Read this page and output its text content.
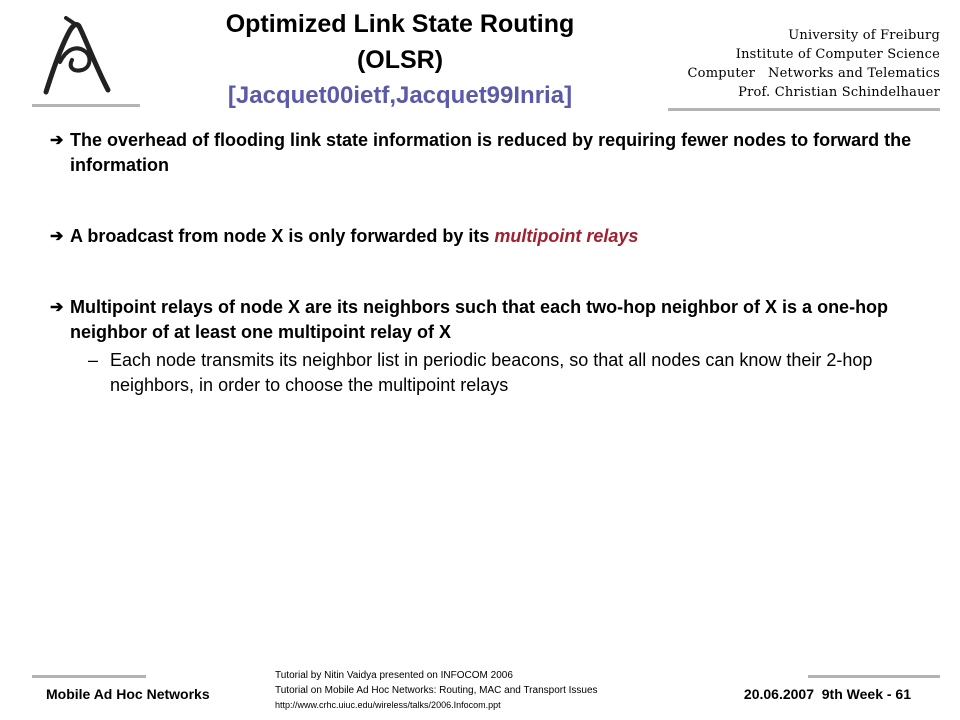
Optimized Link State Routing
(OLSR)
[Jacquet00ietf,Jacquet99Inria]
University of Freiburg
Institute of Computer Science
Computer   Networks and Telematics
Prof. Christian Schindelhauer
➔ The overhead of flooding link state information is reduced by requiring fewer nodes to forward the information
➔ A broadcast from node X is only forwarded by its multipoint relays
➔ Multipoint relays of node X are its neighbors such that each two-hop neighbor of X is a one-hop neighbor of at least one multipoint relay of X
– Each node transmits its neighbor list in periodic beacons, so that all nodes can know their 2-hop neighbors, in order to choose the multipoint relays
Mobile Ad Hoc Networks
Tutorial by Nitin Vaidya presented on INFOCOM 2006
Tutorial on Mobile Ad Hoc Networks: Routing, MAC and Transport Issues
http://www.crhc.uiuc.edu/wireless/talks/2006.Infocom.ppt
20.06.2007  9th Week - 61
